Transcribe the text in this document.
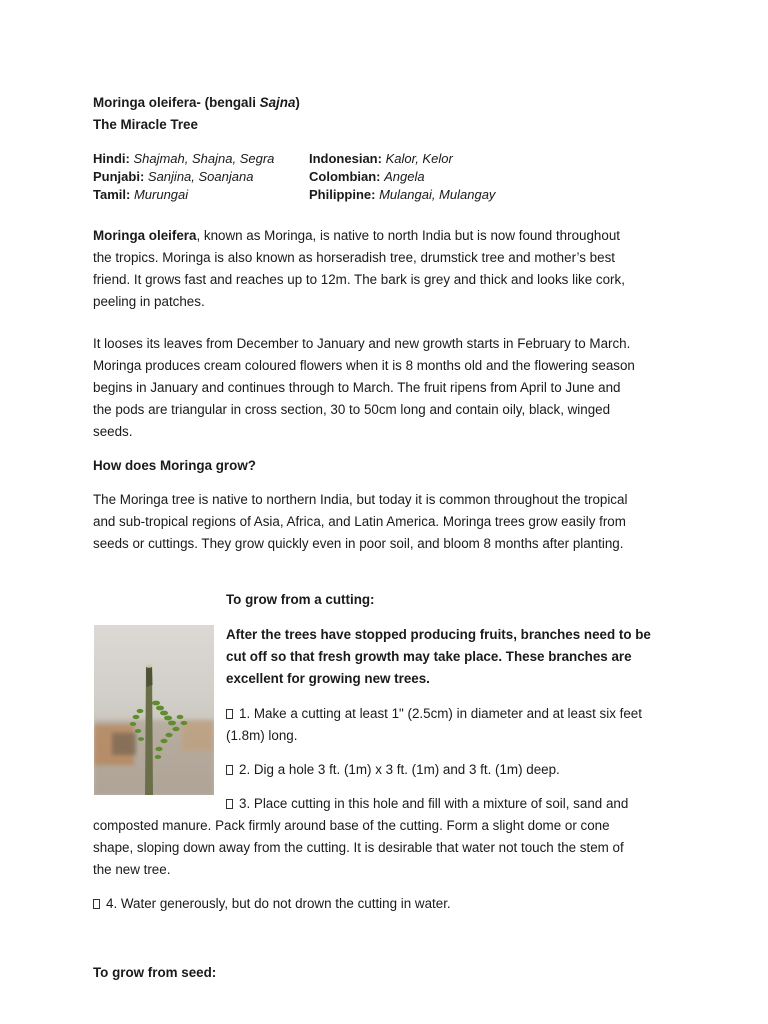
Moringa oleifera- (bengali Sajna)
The Miracle Tree
Hindi: Shajmah, Shajna, Segra
Punjabi: Sanjina, Soanjana
Tamil: Murungai
Indonesian: Kalor, Kelor
Colombian: Angela
Philippine: Mulangai, Mulangay
Moringa oleifera, known as Moringa, is native to north India but is now found throughout
the tropics. Moringa is also known as horseradish tree, drumstick tree and mother’s best
friend. It grows fast and reaches up to 12m. The bark is grey and thick and looks like cork,
peeling in patches.
It looses its leaves from December to January and new growth starts in February to March.
Moringa produces cream coloured flowers when it is 8 months old and the flowering season
begins in January and continues through to March. The fruit ripens from April to June and
the pods are triangular in cross section, 30 to 50cm long and contain oily, black, winged
seeds.
How does Moringa grow?
The Moringa tree is native to northern India, but today it is common throughout the tropical
and sub-tropical regions of Asia, Africa, and Latin America. Moringa trees grow easily from
seeds or cuttings. They grow quickly even in poor soil, and bloom 8 months after planting.
To grow from a cutting:
After the trees have stopped producing fruits, branches need to be
cut off so that fresh growth may take place. These branches are
excellent for growing new trees.
1. Make a cutting at least 1" (2.5cm) in diameter and at least six feet
(1.8m) long.
2. Dig a hole 3 ft. (1m) x 3 ft. (1m) and 3 ft. (1m) deep.
3. Place cutting in this hole and fill with a mixture of soil, sand and
composted manure. Pack firmly around base of the cutting. Form a slight dome or cone
shape, sloping down away from the cutting. It is desirable that water not touch the stem of
the new tree.
4. Water generously, but do not drown the cutting in water.
To grow from seed:
